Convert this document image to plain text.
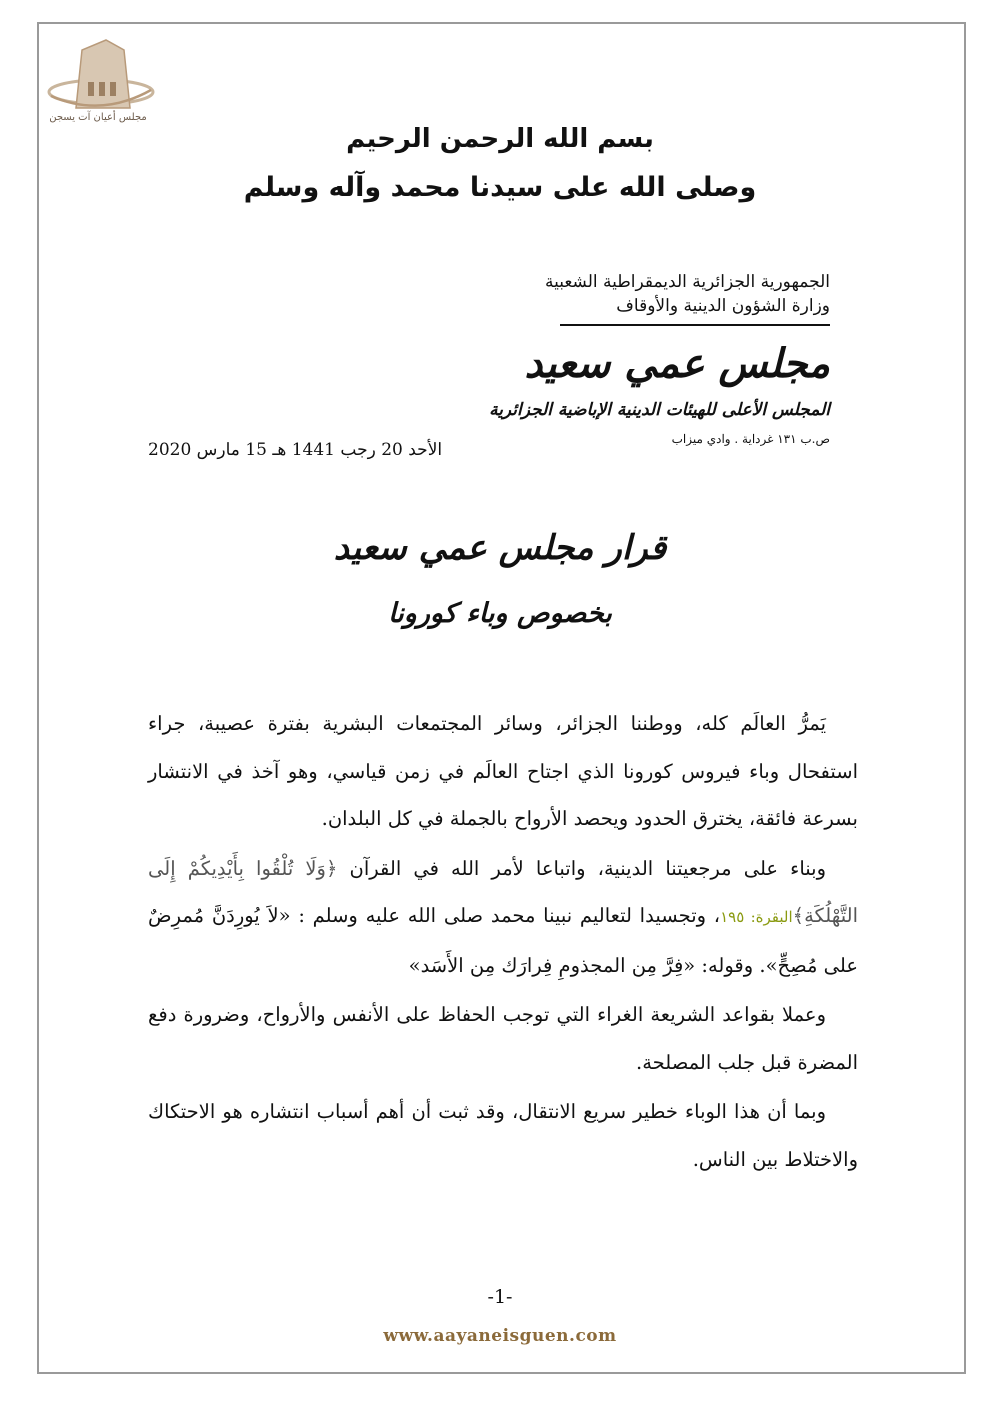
مجلس أعيان آت يسجن
بسم الله الرحمن الرحيم
وصلى الله على سيدنا محمد وآله وسلم
الجمهورية الجزائرية الديمقراطية الشعبية
وزارة الشؤون الدينية والأوقاف
مجلس عمي سعيد
المجلس الأعلى للهيئات الدينية الإباضية الجزائرية
ص.ب ١٣١ غرداية . وادي ميزاب
الأحد 20 رجب 1441 هـ 15 مارس 2020
قرار مجلس عمي سعيد
بخصوص وباء كورونا

يَمرُّ العالَم كله، ووطننا الجزائر، وسائر المجتمعات البشرية بفترة عصيبة، جراء استفحال وباء فيروس كورونا الذي اجتاح العالَم في زمن قياسي، وهو آخذ في الانتشار بسرعة فائقة، يخترق الحدود ويحصد الأرواح بالجملة في كل البلدان.

وبناء على مرجعيتنا الدينية، واتباعا لأمر الله في القرآن ﴿وَلَا تُلْقُوا بِأَيْدِيكُمْ إِلَى التَّهْلُكَةِ﴾البقرة: ١٩٥، وتجسيدا لتعاليم نبينا محمد صلى الله عليه وسلم : «لاَ يُورِدَنَّ مُمرِضٌ على مُصِحٍّ». وقوله: «فِرَّ مِن المجذومِ فِرارَك مِن الأَسَد»

وعملا بقواعد الشريعة الغراء التي توجب الحفاظ على الأنفس والأرواح، وضرورة دفع المضرة قبل جلب المصلحة.

وبما أن هذا الوباء خطير سريع الانتقال، وقد ثبت أن أهم أسباب انتشاره هو الاحتكاك والاختلاط بين الناس.

-1-
www.aayaneisguen.com
